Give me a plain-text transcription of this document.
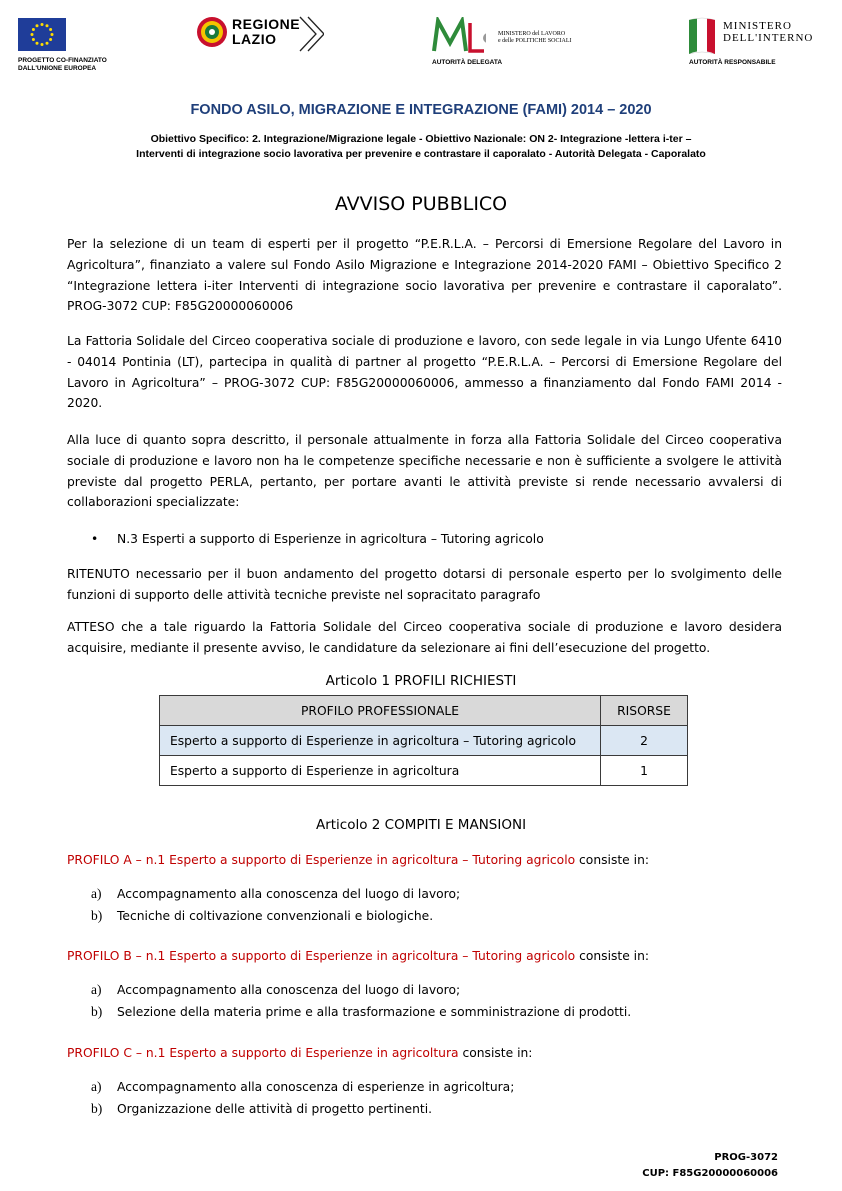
PROGETTO CO-FINANZIATO
DALL'UNIONE EUROPEA
REGIONE
LAZIO	MINISTERO del LAVORO
e delle POLITICHE SOCIALI
AUTORITÀ DELEGATA
MINISTERO
DELL'INTERNO
AUTORITÀ RESPONSABILE
FONDO ASILO, MIGRAZIONE E INTEGRAZIONE (FAMI) 2014 – 2020
Obiettivo Specifico: 2. Integrazione/Migrazione legale - Obiettivo Nazionale: ON 2- Integrazione -lettera i-ter –
Interventi di integrazione socio lavorativa per prevenire e contrastare il caporalato - Autorità Delegata - Caporalato
AVVISO PUBBLICO
Per la selezione di un team di esperti per il progetto “P.E.R.L.A. – Percorsi di Emersione Regolare del Lavoro in Agricoltura”, finanziato a valere sul Fondo Asilo Migrazione e Integrazione 2014-2020 FAMI – Obiettivo Specifico 2 “Integrazione lettera i-iter Interventi di integrazione socio lavorativa per prevenire e contrastare il caporalato”. PROG-3072 CUP: F85G20000060006
La Fattoria Solidale del Circeo cooperativa sociale di produzione e lavoro, con sede legale in via Lungo Ufente 6410 - 04014 Pontinia (LT), partecipa in qualità di partner al progetto “P.E.R.L.A. – Percorsi di Emersione Regolare del Lavoro in Agricoltura” – PROG-3072 CUP: F85G20000060006, ammesso a finanziamento dal Fondo FAMI 2014 - 2020.
Alla luce di quanto sopra descritto, il personale attualmente in forza alla Fattoria Solidale del Circeo cooperativa sociale di produzione e lavoro non ha le competenze specifiche necessarie e non è sufficiente a svolgere le attività previste dal progetto PERLA, pertanto, per portare avanti le attività previste si rende necessario avvalersi di collaborazioni specializzate:
• N.3 Esperti a supporto di Esperienze in agricoltura – Tutoring agricolo
RITENUTO necessario per il buon andamento del progetto dotarsi di personale esperto per lo svolgimento delle funzioni di supporto delle attività tecniche previste nel sopracitato paragrafo
ATTESO che a tale riguardo la Fattoria Solidale del Circeo cooperativa sociale di produzione e lavoro desidera acquisire, mediante il presente avviso, le candidature da selezionare ai fini dell’esecuzione del progetto.
Articolo 1 PROFILI RICHIESTI
PROFILO PROFESSIONALE	RISORSE
Esperto a supporto di Esperienze in agricoltura – Tutoring agricolo	2
Esperto a supporto di Esperienze in agricoltura	1
Articolo 2 COMPITI E MANSIONI
PROFILO A – n.1 Esperto a supporto di Esperienze in agricoltura – Tutoring agricolo consiste in:
a) Accompagnamento alla conoscenza del luogo di lavoro;
b) Tecniche di coltivazione convenzionali e biologiche.
PROFILO B – n.1 Esperto a supporto di Esperienze in agricoltura – Tutoring agricolo consiste in:
a) Accompagnamento alla conoscenza del luogo di lavoro;
b) Selezione della materia prime e alla trasformazione e somministrazione di prodotti.
PROFILO C – n.1 Esperto a supporto di Esperienze in agricoltura consiste in:
a) Accompagnamento alla conoscenza di esperienze in agricoltura;
b) Organizzazione delle attività di progetto pertinenti.
PROG-3072
CUP: F85G20000060006
